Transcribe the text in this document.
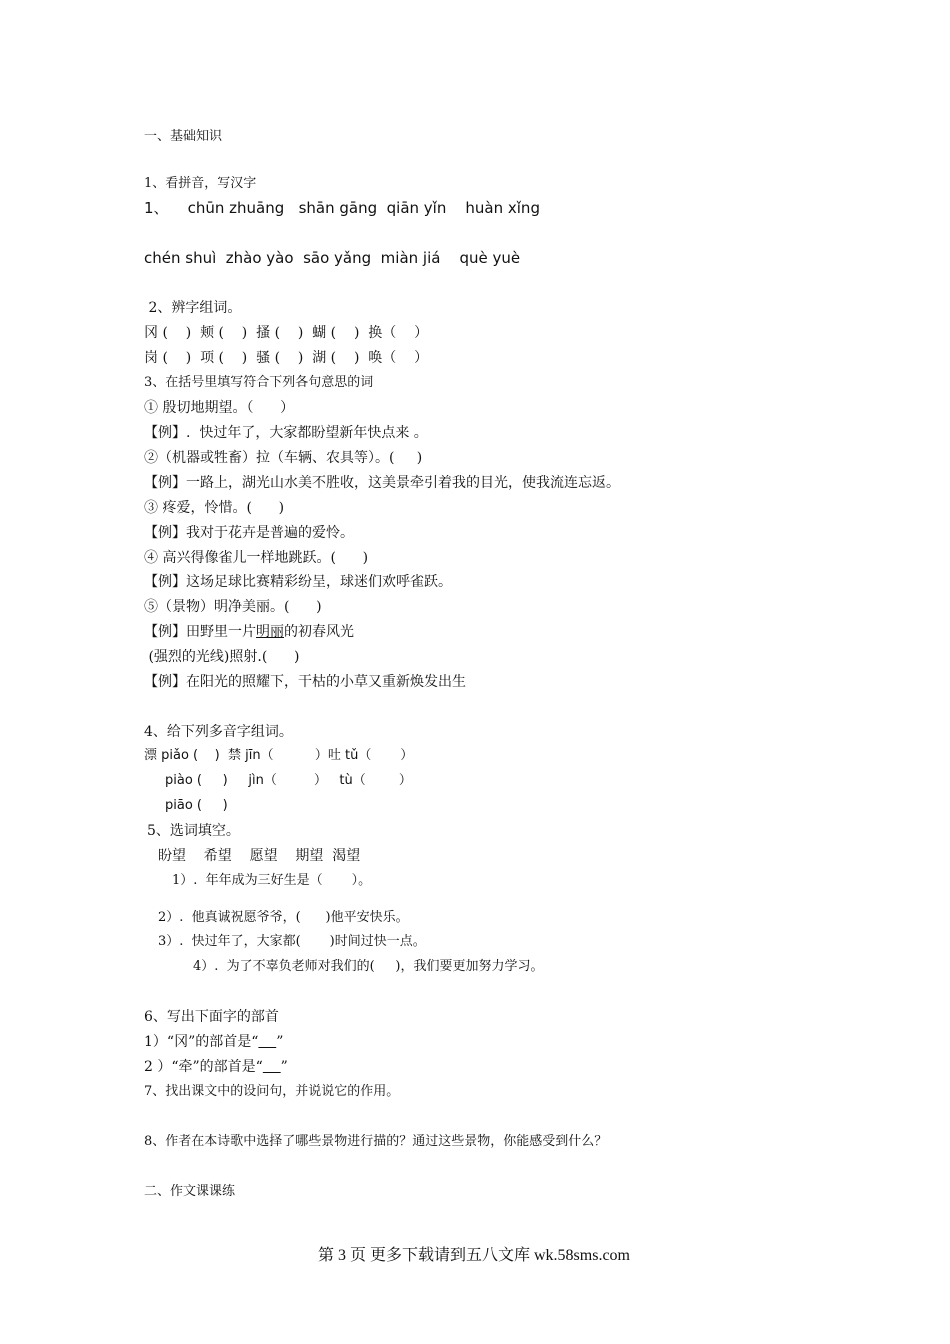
一、基础知识
1、看拼音，写汉字
1、    chūn zhuāng   shān gāng  qiān yǐn    huàn xǐng
chén shuì  zhào yào  sāo yǎng  miàn jiá    què yuè
2、辨字组词。
冈 (    )  颊 (    )  搔 (    )  蝴 (    )  换（    ）
岗 (    )  项 (    )  骚 (    )  湖 (    )  唤（    ）
3、在括号里填写符合下列各句意思的词
① 殷切地期望。（      ）
【例】.  快过年了，大家都盼望新年快点来 。
②（机器或牲畜）拉（车辆、农具等）。(     )
【例】一路上，湖光山水美不胜收，这美景牵引着我的目光，使我流连忘返。
③ 疼爱，怜惜。(      )
【例】我对于花卉是普遍的爱怜。
④ 高兴得像雀儿一样地跳跃。(      )
【例】这场足球比赛精彩纷呈，球迷们欢呼雀跃。
⑤（景物）明净美丽。(      )
【例】田野里一片明丽的初春风光
(强烈的光线)照射.(      )
【例】在阳光的照耀下，干枯的小草又重新焕发出生
4、给下列多音字组词。
漂 piǎo (    )  禁 jīn（          ）吐 tǔ（       ）
piào (     )     jìn（         ）   tù（        ）
piāo (     )
5、选词填空。
盼望    希望    愿望    期望  渴望
1）.  年年成为三好生是（       ）。
2）.  他真诚祝愿爷爷，(      )他平安快乐。
3）.  快过年了，大家都(       )时间过快一点。
4）.  为了不辜负老师对我们的(     )，我们要更加努力学习。
6、写出下面字的部首
1）“冈”的部首是“ ”
2 ）“牵”的部首是“ ”
7、找出课文中的设问句，并说说它的作用。
8、作者在本诗歌中选择了哪些景物进行描的？通过这些景物，你能感受到什么？
二、作文课课练
第 3 页 更多下载请到五八文库 wk.58sms.com
